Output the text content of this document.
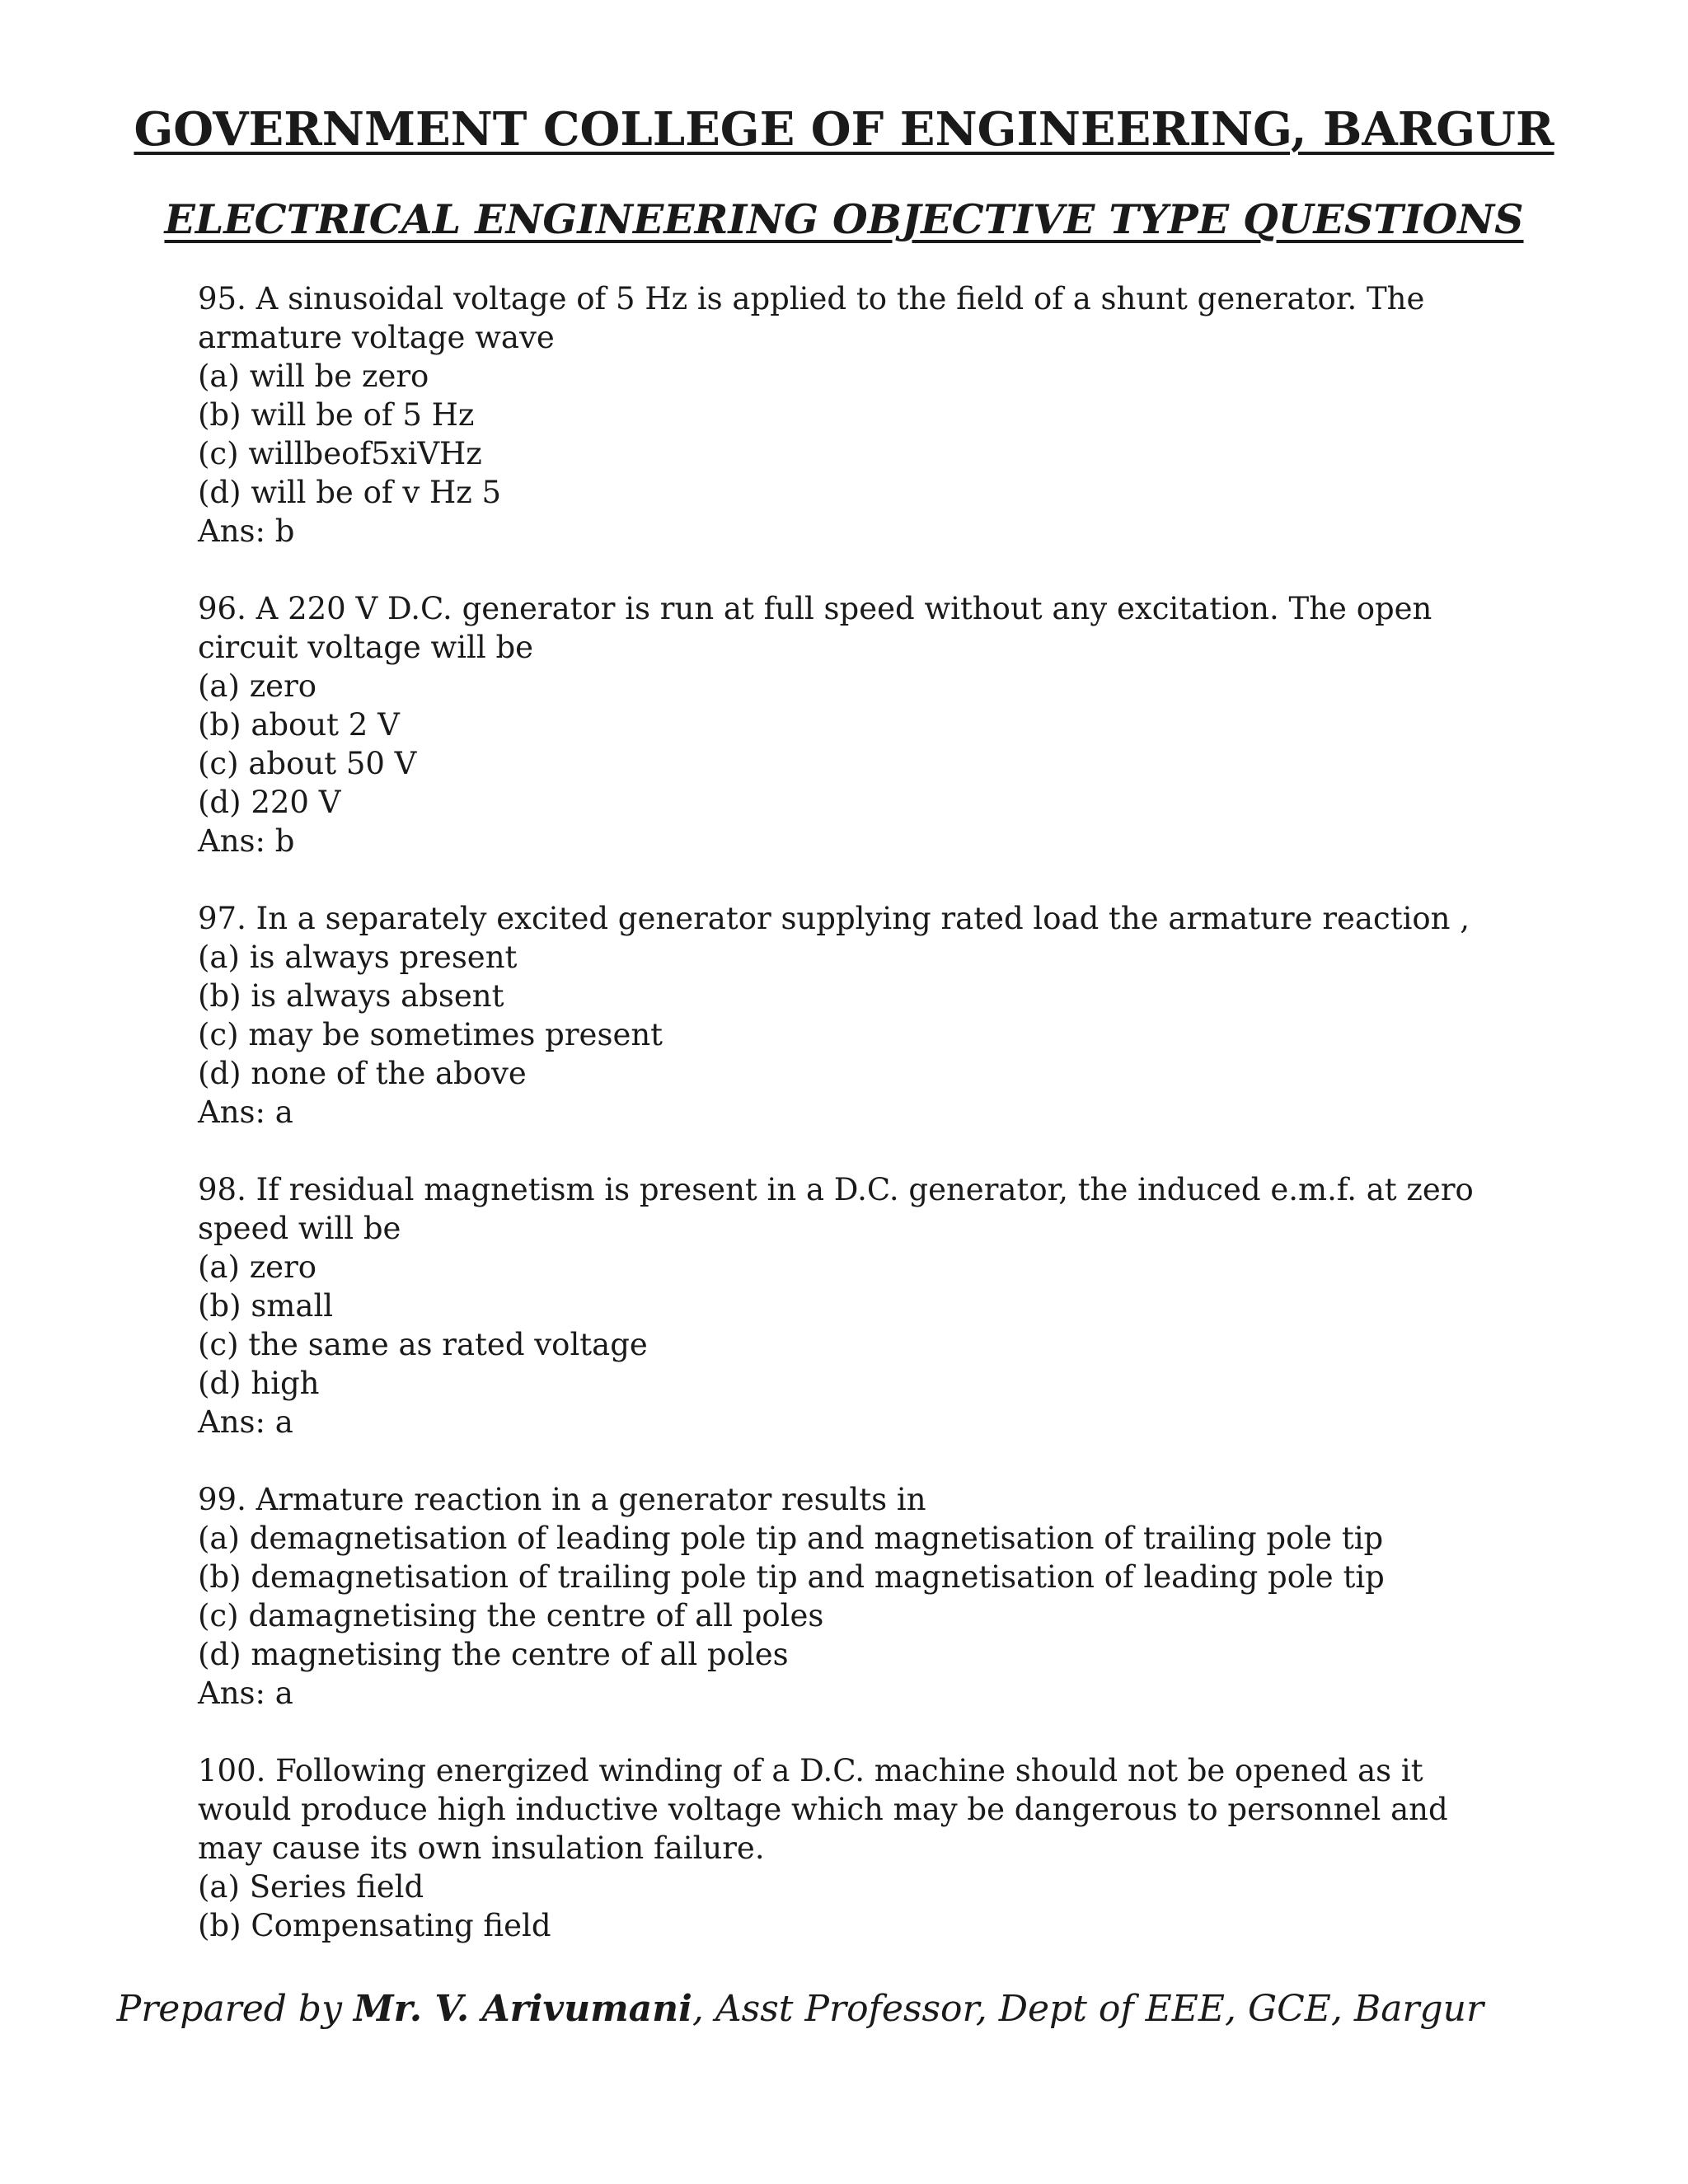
GOVERNMENT COLLEGE OF ENGINEERING, BARGUR
ELECTRICAL ENGINEERING OBJECTIVE TYPE QUESTIONS
95. A sinusoidal voltage of 5 Hz is applied to the field of a shunt generator. The armature voltage wave
(a) will be zero
(b) will be of 5 Hz
(c) willbeof5xiVHz
(d) will be of v Hz 5
Ans: b
96. A 220 V D.C. generator is run at full speed without any excitation. The open circuit voltage will be
(a) zero
(b) about 2 V
(c) about 50 V
(d) 220 V
Ans: b
97. In a separately excited generator supplying rated load the armature reaction ,
(a) is always present
(b) is always absent
(c) may be sometimes present
(d) none of the above
Ans: a
98. If residual magnetism is present in a D.C. generator, the induced e.m.f. at zero speed will be
(a) zero
(b) small
(c) the same as rated voltage
(d) high
Ans: a
99. Armature reaction in a generator results in
(a) demagnetisation of leading pole tip and magnetisation of trailing pole tip
(b) demagnetisation of trailing pole tip and magnetisation of leading pole tip
(c) damagnetising the centre of all poles
(d) magnetising the centre of all poles
Ans: a
100. Following energized winding of a D.C. machine should not be opened as it would produce high inductive voltage which may be dangerous to personnel and may cause its own insulation failure.
(a) Series field
(b) Compensating field
Prepared by Mr. V. Arivumani, Asst Professor, Dept of EEE, GCE, Bargur
